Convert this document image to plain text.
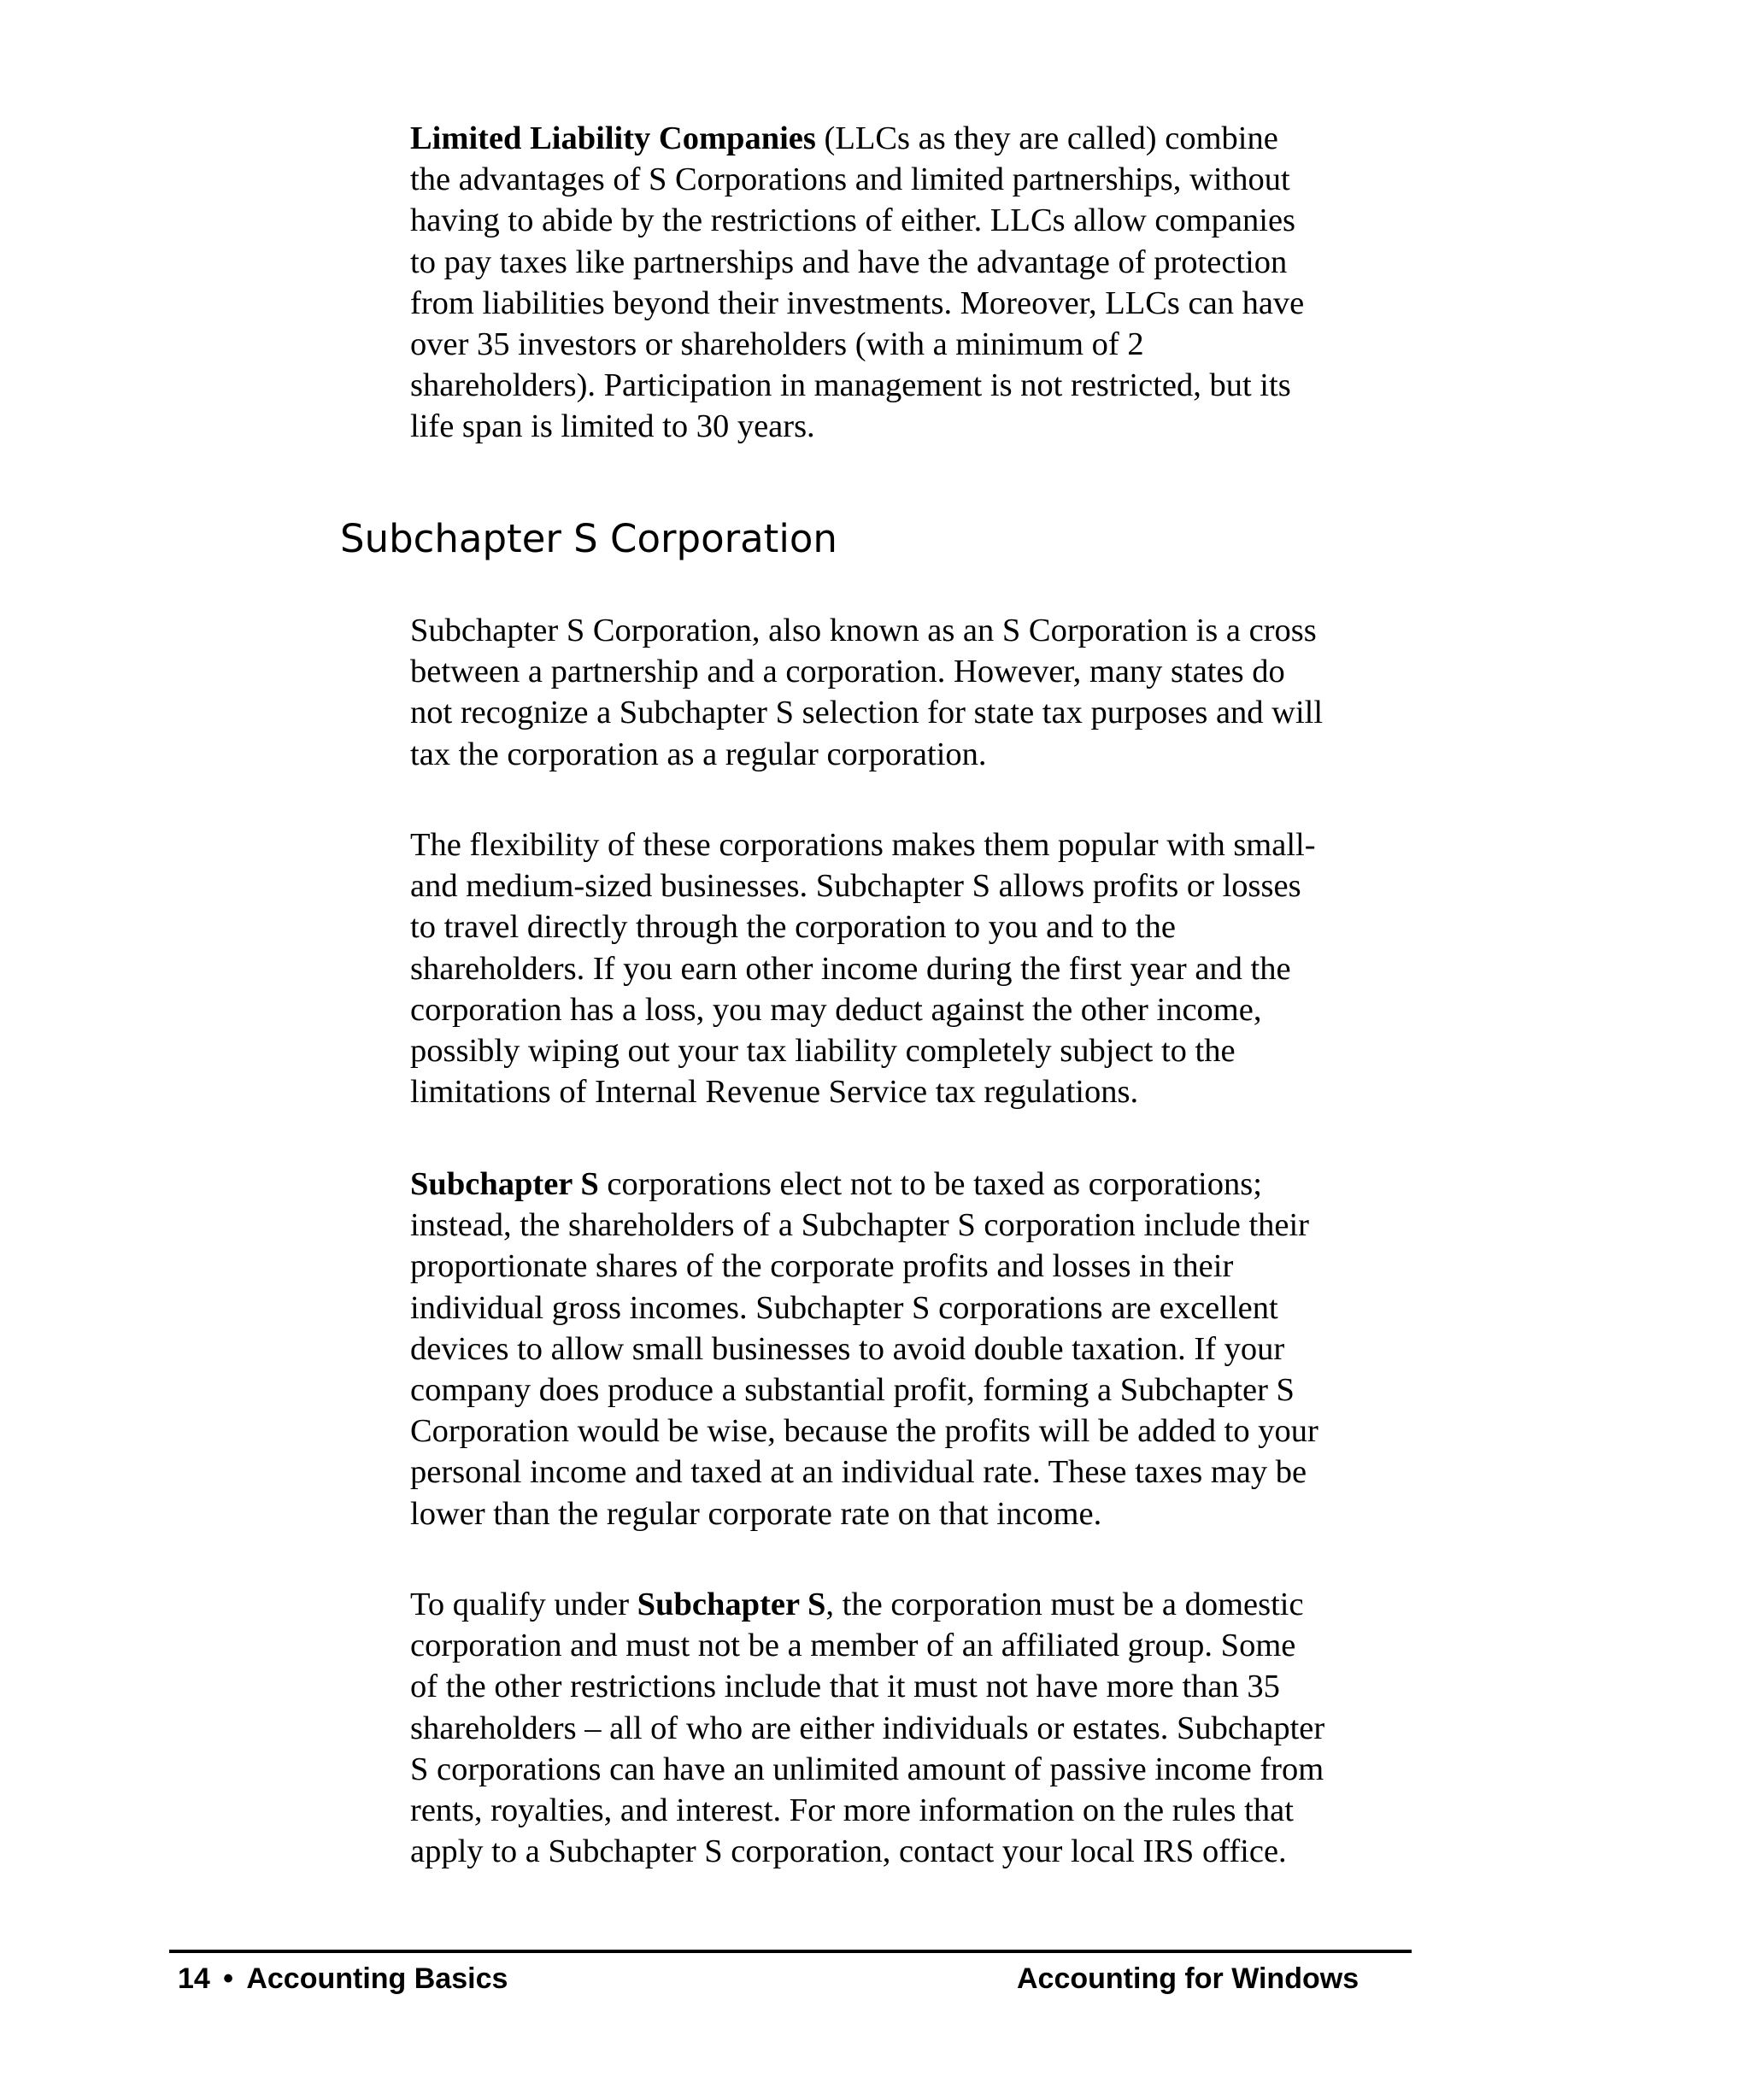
Limited Liability Companies (LLCs as they are called) combine
the advantages of S Corporations and limited partnerships, without
having to abide by the restrictions of either. LLCs allow companies
to pay taxes like partnerships and have the advantage of protection
from liabilities beyond their investments. Moreover, LLCs can have
over 35 investors or shareholders (with a minimum of 2
shareholders). Participation in management is not restricted, but its
life span is limited to 30 years.
Subchapter S Corporation
Subchapter S Corporation, also known as an S Corporation is a cross
between a partnership and a corporation. However, many states do
not recognize a Subchapter S selection for state tax purposes and will
tax the corporation as a regular corporation.
The flexibility of these corporations makes them popular with small-
and medium-sized businesses. Subchapter S allows profits or losses
to travel directly through the corporation to you and to the
shareholders. If you earn other income during the first year and the
corporation has a loss, you may deduct against the other income,
possibly wiping out your tax liability completely subject to the
limitations of Internal Revenue Service tax regulations.
Subchapter S corporations elect not to be taxed as corporations;
instead, the shareholders of a Subchapter S corporation include their
proportionate shares of the corporate profits and losses in their
individual gross incomes. Subchapter S corporations are excellent
devices to allow small businesses to avoid double taxation. If your
company does produce a substantial profit, forming a Subchapter S
Corporation would be wise, because the profits will be added to your
personal income and taxed at an individual rate. These taxes may be
lower than the regular corporate rate on that income.
To qualify under Subchapter S, the corporation must be a domestic
corporation and must not be a member of an affiliated group. Some
of the other restrictions include that it must not have more than 35
shareholders – all of who are either individuals or estates. Subchapter
S corporations can have an unlimited amount of passive income from
rents, royalties, and interest. For more information on the rules that
apply to a Subchapter S corporation, contact your local IRS office.
14 • Accounting Basics	Accounting for Windows
